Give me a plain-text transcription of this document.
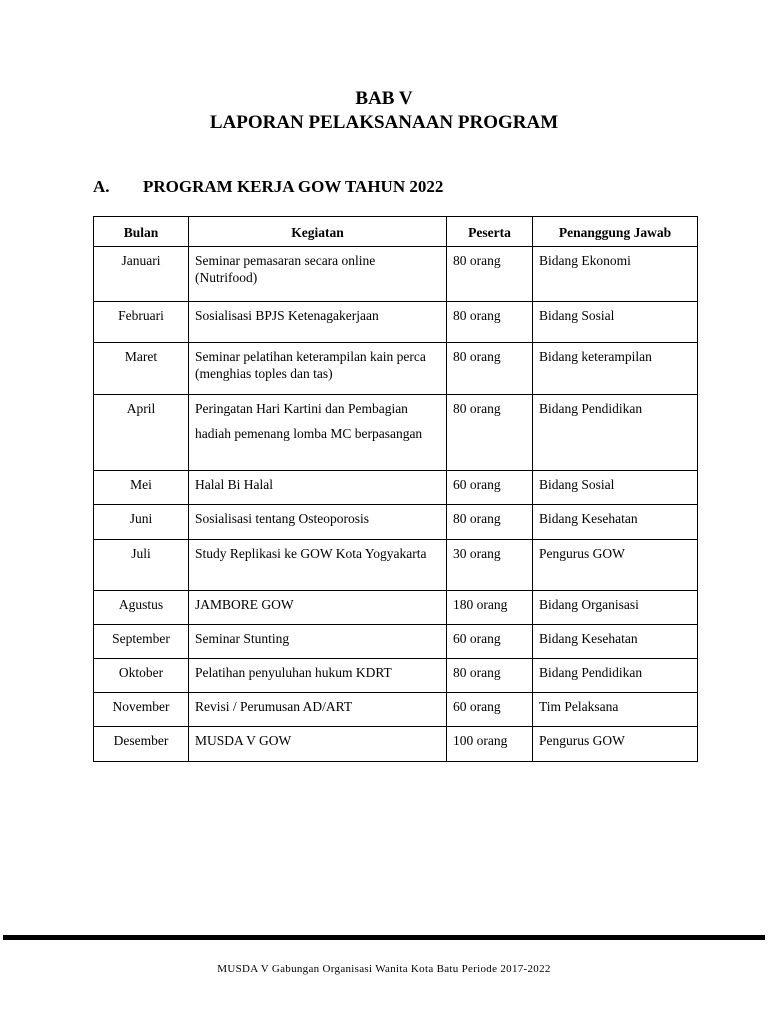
BAB V
LAPORAN PELAKSANAAN PROGRAM
A. PROGRAM KERJA GOW TAHUN 2022
Bulan	Kegiatan	Peserta	Penanggung Jawab
Januari	Seminar pemasaran secara online (Nutrifood)	80 orang	Bidang Ekonomi
Februari	Sosialisasi BPJS Ketenagakerjaan	80 orang	Bidang Sosial
Maret	Seminar pelatihan keterampilan kain perca (menghias toples dan tas)	80 orang	Bidang keterampilan
April	Peringatan Hari Kartini dan Pembagian hadiah pemenang lomba MC berpasangan	80 orang	Bidang Pendidikan
Mei	Halal Bi Halal	60 orang	Bidang Sosial
Juni	Sosialisasi tentang Osteoporosis	80 orang	Bidang Kesehatan
Juli	Study Replikasi ke GOW Kota Yogyakarta	30 orang	Pengurus GOW
Agustus	JAMBORE GOW	180 orang	Bidang Organisasi
September	Seminar Stunting	60 orang	Bidang Kesehatan
Oktober	Pelatihan penyuluhan hukum KDRT	80 orang	Bidang Pendidikan
November	Revisi / Perumusan AD/ART	60 orang	Tim Pelaksana
Desember	MUSDA V GOW	100 orang	Pengurus GOW
MUSDA V Gabungan Organisasi Wanita Kota Batu Periode 2017-2022
